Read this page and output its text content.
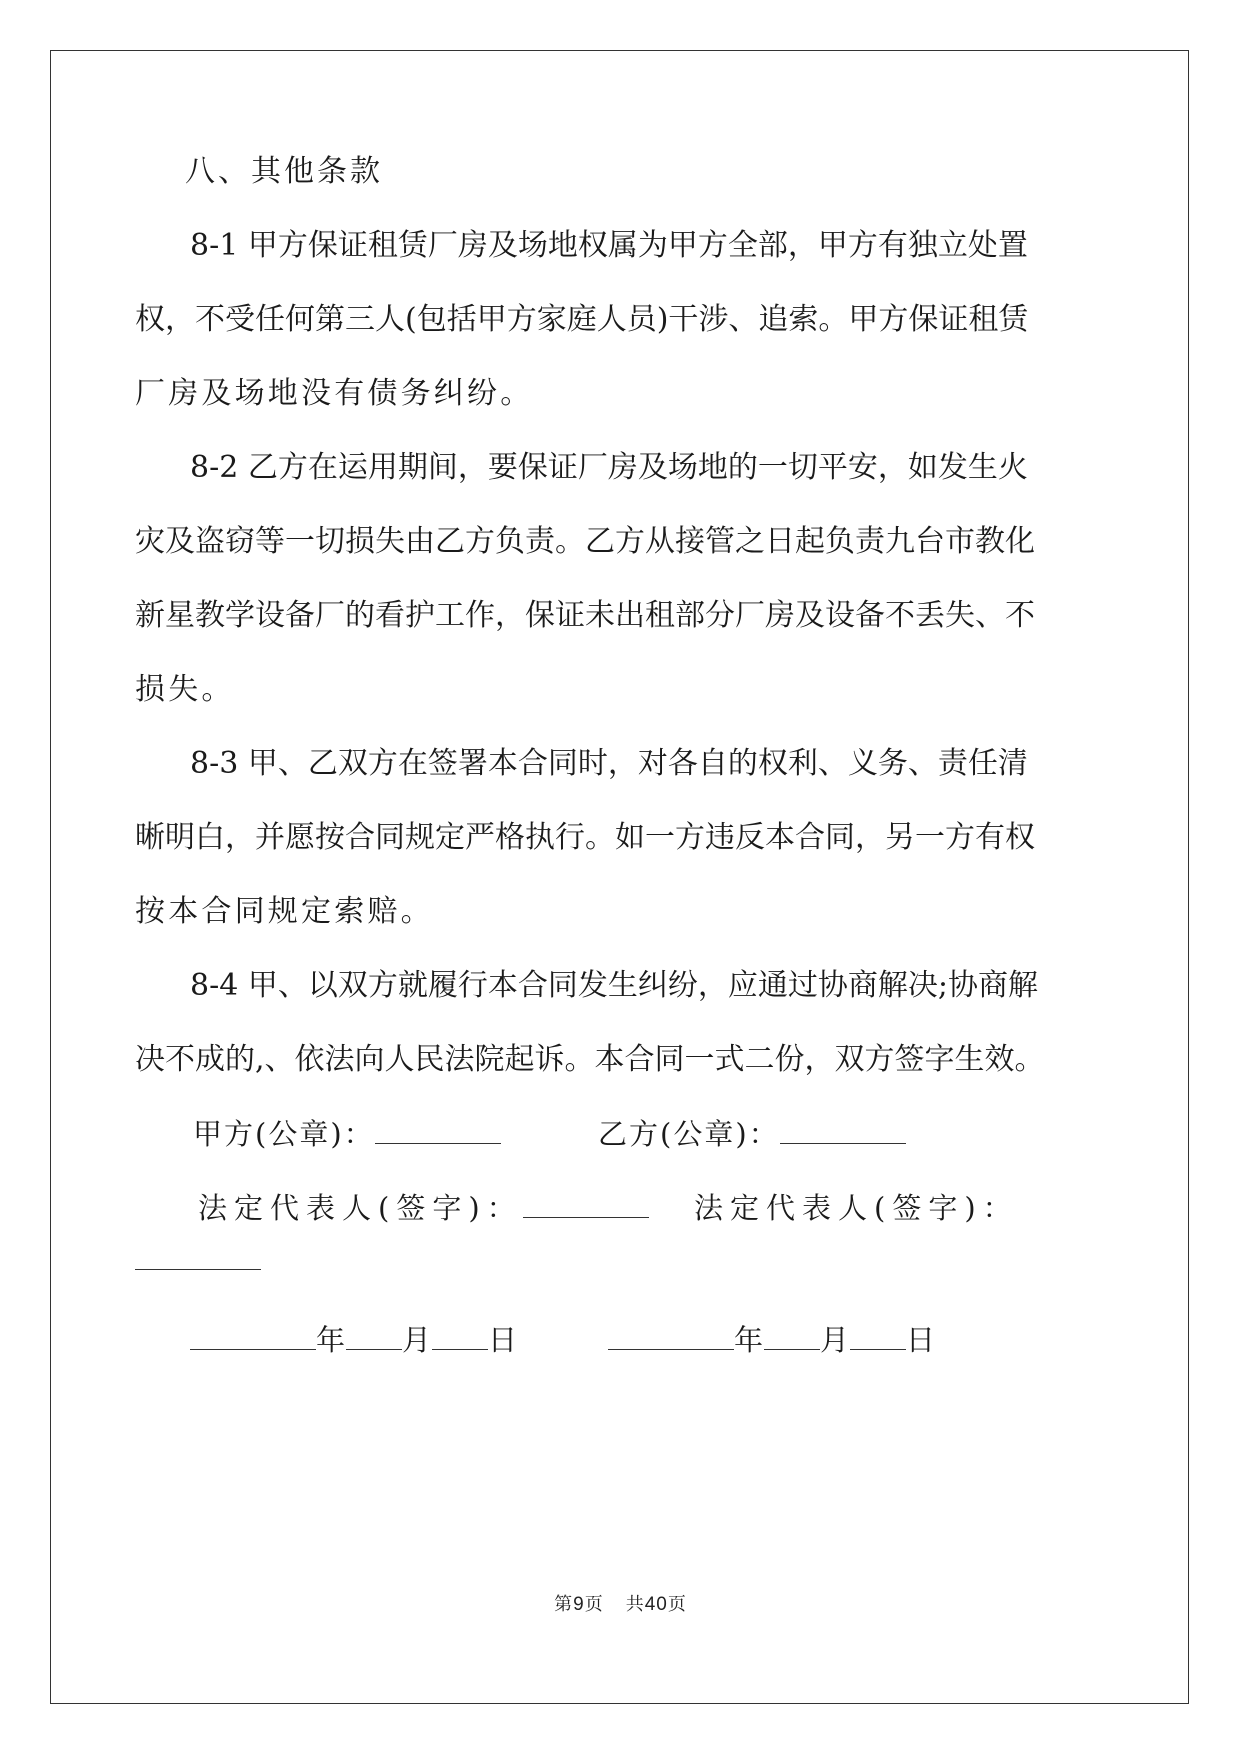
八、其他条款
8-1 甲方保证租赁厂房及场地权属为甲方全部，甲方有独立处置
权，不受任何第三人(包括甲方家庭人员)干涉、追索。甲方保证租赁
厂房及场地没有债务纠纷。
8-2 乙方在运用期间，要保证厂房及场地的一切平安，如发生火
灾及盗窃等一切损失由乙方负责。乙方从接管之日起负责九台市教化
新星教学设备厂的看护工作，保证未出租部分厂房及设备不丢失、不
损失。
8-3 甲、乙双方在签署本合同时，对各自的权利、义务、责任清
晰明白，并愿按合同规定严格执行。如一方违反本合同，另一方有权
按本合同规定索赔。
8-4 甲、以双方就履行本合同发生纠纷，应通过协商解决;协商解
决不成的,、依法向人民法院起诉。本合同一式二份，双方签字生效。
甲方(公章)：	乙方(公章)：
法定代表人(签字)：	法定代表人(签字)：
年 月 日	年 月 日
第9页 共40页
